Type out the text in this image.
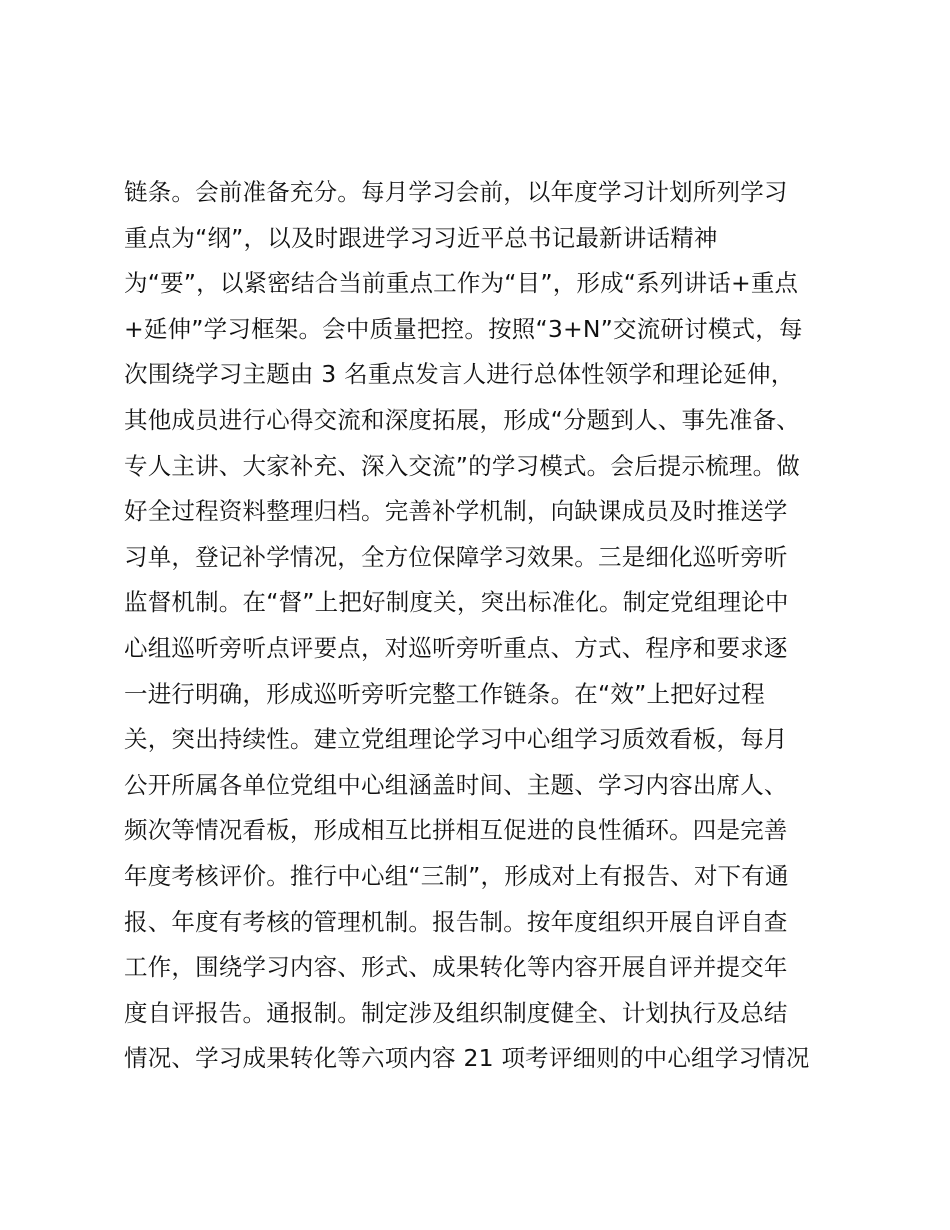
链条。会前准备充分。每月学习会前，以年度学习计划所列学习
重点为“纲”，以及时跟进学习习近平总书记最新讲话精神
为“要”，以紧密结合当前重点工作为“目”，形成“系列讲话+重点
+延伸”学习框架。会中质量把控。按照“3+N”交流研讨模式，每
次围绕学习主题由 3 名重点发言人进行总体性领学和理论延伸，
其他成员进行心得交流和深度拓展，形成“分题到人、事先准备、
专人主讲、大家补充、深入交流”的学习模式。会后提示梳理。做
好全过程资料整理归档。完善补学机制，向缺课成员及时推送学
习单，登记补学情况，全方位保障学习效果。三是细化巡听旁听
监督机制。在“督”上把好制度关，突出标准化。制定党组理论中
心组巡听旁听点评要点，对巡听旁听重点、方式、程序和要求逐
一进行明确，形成巡听旁听完整工作链条。在“效”上把好过程
关，突出持续性。建立党组理论学习中心组学习质效看板，每月
公开所属各单位党组中心组涵盖时间、主题、学习内容出席人、
频次等情况看板，形成相互比拼相互促进的良性循环。四是完善
年度考核评价。推行中心组“三制”，形成对上有报告、对下有通
报、年度有考核的管理机制。报告制。按年度组织开展自评自查
工作，围绕学习内容、形式、成果转化等内容开展自评并提交年
度自评报告。通报制。制定涉及组织制度健全、计划执行及总结
情况、学习成果转化等六项内容 21 项考评细则的中心组学习情况
